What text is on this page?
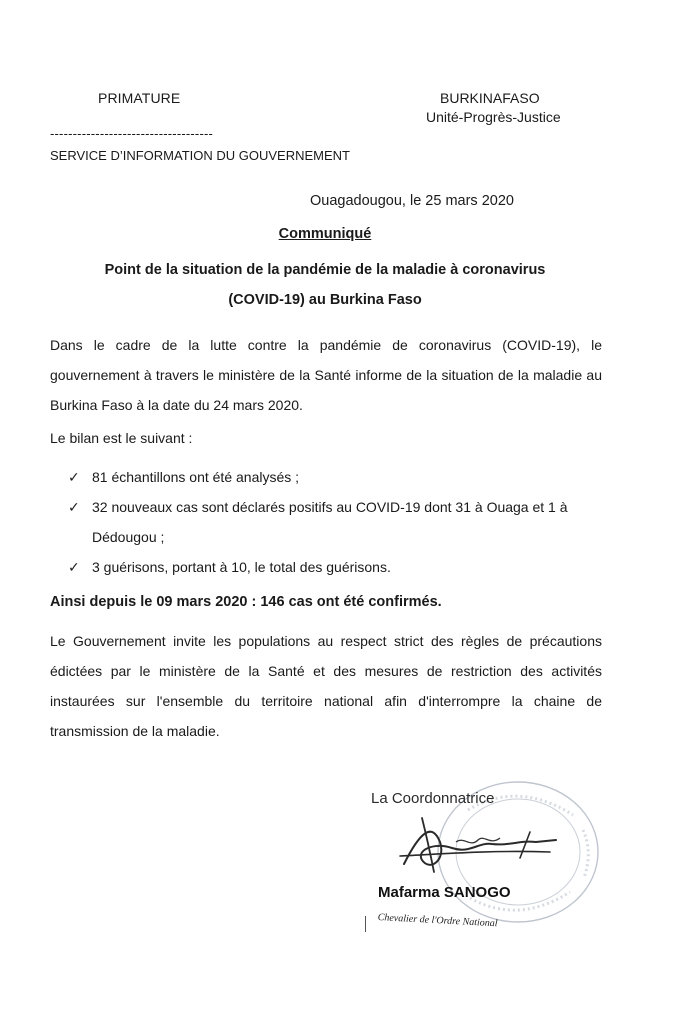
PRIMATURE	BURKINAFASO
Unité-Progrès-Justice
------------------------------------
SERVICE D’INFORMATION DU GOUVERNEMENT
Ouagadougou, le 25 mars 2020
Communiqué
Point de la situation de la pandémie de la maladie à coronavirus
(COVID-19) au Burkina Faso
Dans le cadre de la lutte contre la pandémie de coronavirus (COVID-19), le gouvernement à travers le ministère de la Santé informe de la situation de la maladie au Burkina Faso à la date du 24 mars 2020.
Le bilan est le suivant :
✓ 81 échantillons ont été analysés ;
✓ 32 nouveaux cas sont déclarés positifs au COVID-19 dont 31 à Ouaga et 1 à Dédougou ;
✓ 3 guérisons, portant à 10, le total des guérisons.
Ainsi depuis le 09 mars 2020 : 146 cas ont été confirmés.
Le Gouvernement invite les populations au respect strict des règles de précautions édictées par le ministère de la Santé et des mesures de restriction des activités instaurées sur l'ensemble du territoire national afin d'interrompre la chaine de transmission de la maladie.
La Coordonnatrice
Mafarma SANOGO
Chevalier de l'Ordre National
